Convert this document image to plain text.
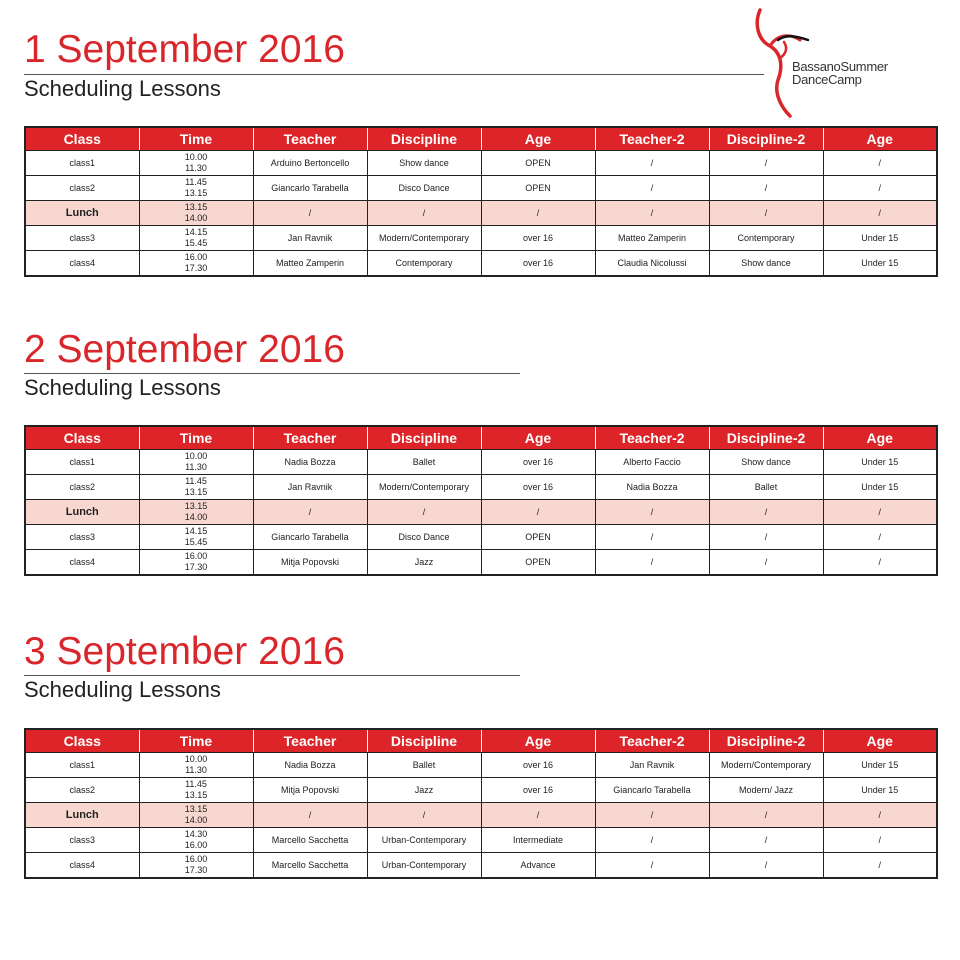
BassanoSummer
DanceCamp
1 September 2016
Scheduling Lessons
Class	Time	Teacher	Discipline	Age	Teacher-2	Discipline-2	Age
class1	10.00
11.30	Arduino Bertoncello	Show dance	OPEN	/	/	/
class2	11.45
13.15	Giancarlo Tarabella	Disco Dance	OPEN	/	/	/
Lunch	13.15
14.00	/	/	/	/	/	/
class3	14.15
15.45	Jan Ravnik	Modern/Contemporary	over 16	Matteo Zamperin	Contemporary	Under 15
class4	16.00
17.30	Matteo Zamperin	Contemporary	over 16	Claudia Nicolussi	Show dance	Under 15
2 September 2016
Scheduling Lessons
Class	Time	Teacher	Discipline	Age	Teacher-2	Discipline-2	Age
class1	10.00
11.30	Nadia Bozza	Ballet	over 16	Alberto Faccio	Show dance	Under 15
class2	11.45
13.15	Jan Ravnik	Modern/Contemporary	over 16	Nadia Bozza	Ballet	Under 15
Lunch	13.15
14.00	/	/	/	/	/	/
class3	14.15
15.45	Giancarlo Tarabella	Disco Dance	OPEN	/	/	/
class4	16.00
17.30	Mitja Popovski	Jazz	OPEN	/	/	/
3 September 2016
Scheduling Lessons
Class	Time	Teacher	Discipline	Age	Teacher-2	Discipline-2	Age
class1	10.00
11.30	Nadia Bozza	Ballet	over 16	Jan Ravnik	Modern/Contemporary	Under 15
class2	11.45
13.15	Mitja Popovski	Jazz	over 16	Giancarlo Tarabella	Modern/ Jazz	Under 15
Lunch	13.15
14.00	/	/	/	/	/	/
class3	14.30
16.00	Marcello Sacchetta	Urban-Contemporary	Intermediate	/	/	/
class4	16.00
17.30	Marcello Sacchetta	Urban-Contemporary	Advance	/	/	/
